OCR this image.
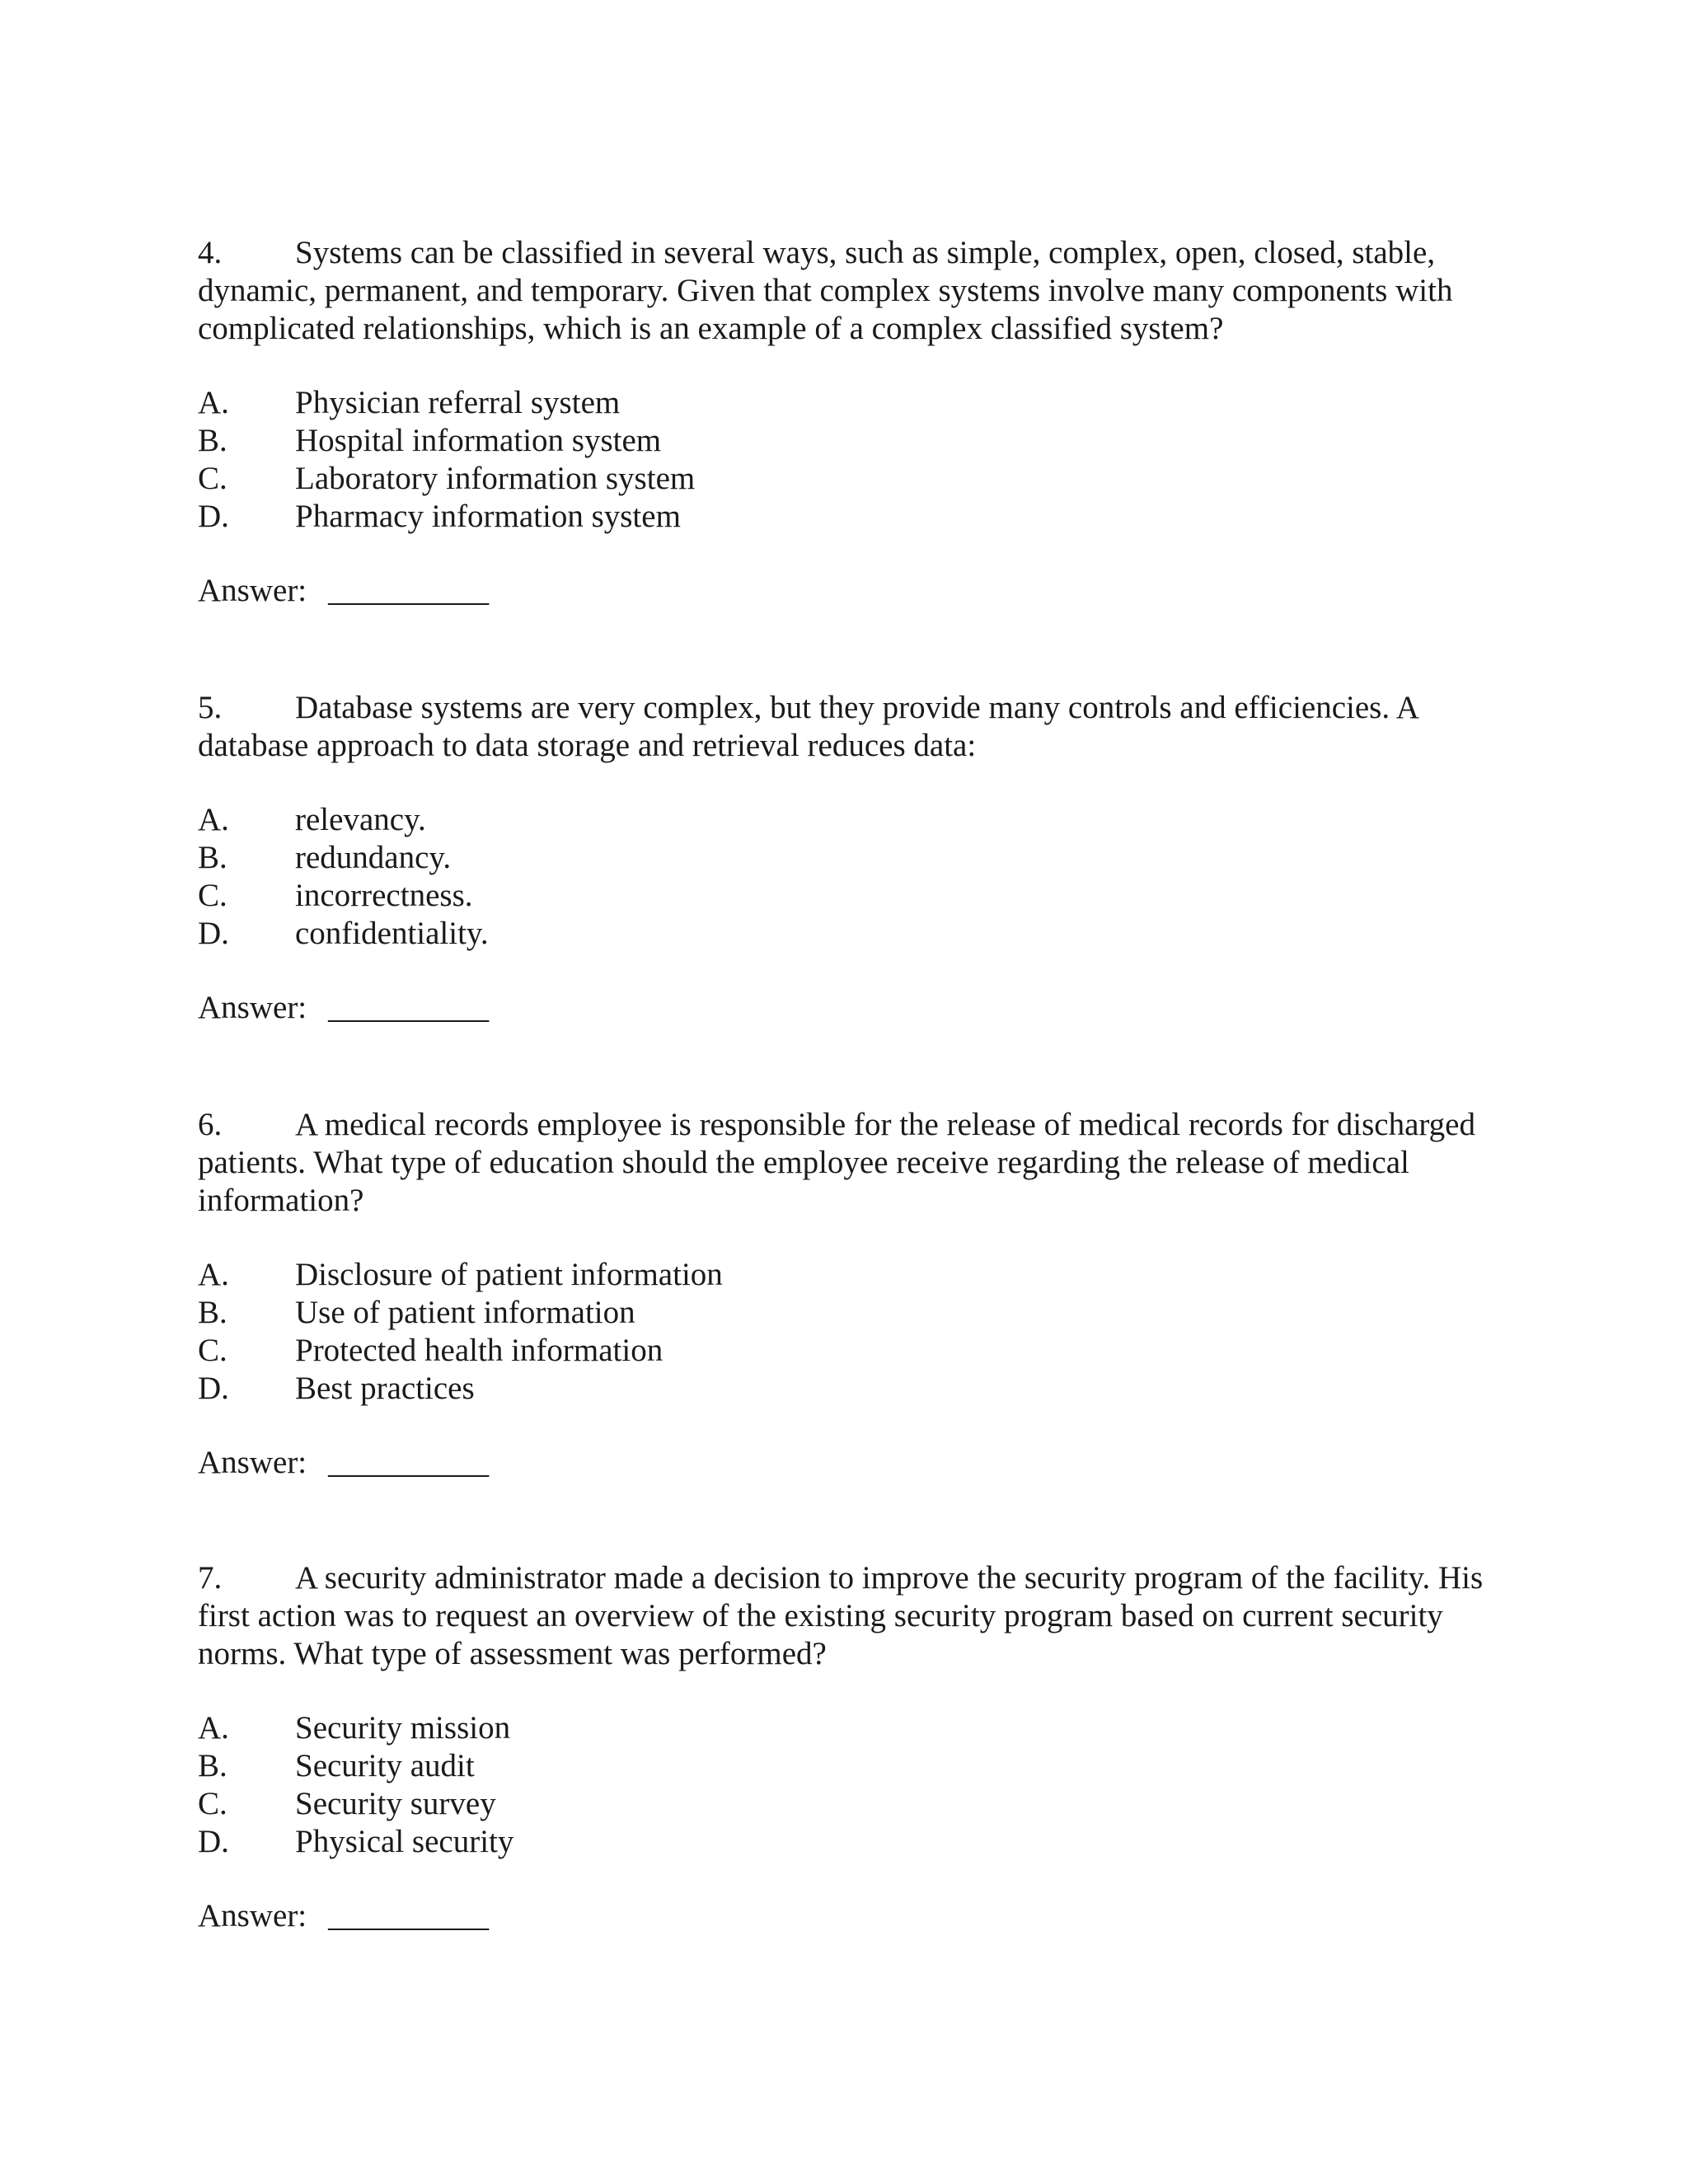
4. Systems can be classified in several ways, such as simple, complex, open, closed, stable, dynamic, permanent, and temporary. Given that complex systems involve many components with complicated relationships, which is an example of a complex classified system?
A.	Physician referral system
B.	Hospital information system
C.	Laboratory information system
D.	Pharmacy information system
Answer: __________
5. Database systems are very complex, but they provide many controls and efficiencies. A database approach to data storage and retrieval reduces data:
A.	relevancy.
B.	redundancy.
C.	incorrectness.
D.	confidentiality.
Answer: __________
6. A medical records employee is responsible for the release of medical records for discharged patients. What type of education should the employee receive regarding the release of medical information?
A.	Disclosure of patient information
B.	Use of patient information
C.	Protected health information
D.	Best practices
Answer: __________
7. A security administrator made a decision to improve the security program of the facility. His first action was to request an overview of the existing security program based on current security norms. What type of assessment was performed?
A.	Security mission
B.	Security audit
C.	Security survey
D.	Physical security
Answer: __________
